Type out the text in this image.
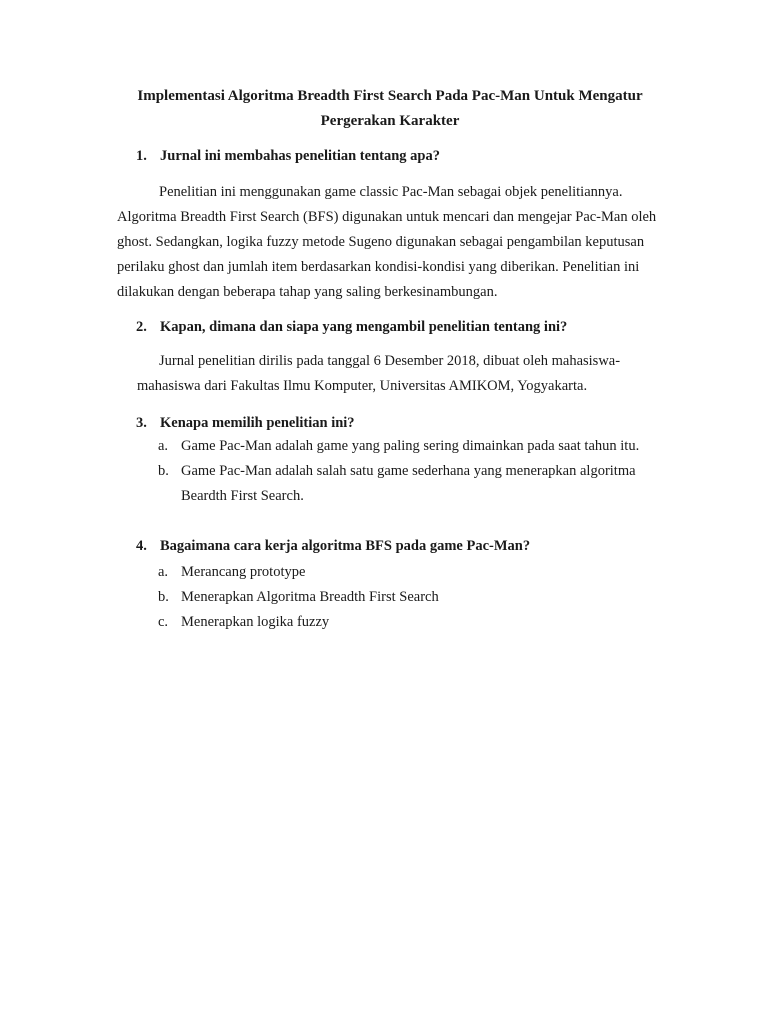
Implementasi Algoritma Breadth First Search Pada Pac-Man Untuk Mengatur
Pergerakan Karakter
1. Jurnal ini membahas penelitian tentang apa?
Penelitian ini menggunakan game classic Pac-Man sebagai objek penelitiannya.
Algoritma Breadth First Search (BFS) digunakan untuk mencari dan mengejar Pac-Man oleh
ghost. Sedangkan, logika fuzzy metode Sugeno digunakan sebagai pengambilan keputusan
perilaku ghost dan jumlah item berdasarkan kondisi-kondisi yang diberikan. Penelitian ini
dilakukan dengan beberapa tahap yang saling berkesinambungan.
2. Kapan, dimana dan siapa yang mengambil penelitian tentang ini?
Jurnal penelitian dirilis pada tanggal 6 Desember 2018, dibuat oleh mahasiswa-
mahasiswa dari Fakultas Ilmu Komputer, Universitas AMIKOM, Yogyakarta.
3. Kenapa memilih penelitian ini?
a. Game Pac-Man adalah game yang paling sering dimainkan pada saat tahun itu.
b. Game Pac-Man adalah salah satu game sederhana yang menerapkan algoritma
Beardth First Search.
4. Bagaimana cara kerja algoritma BFS pada game Pac-Man?
a. Merancang prototype
b. Menerapkan Algoritma Breadth First Search
c. Menerapkan logika fuzzy
